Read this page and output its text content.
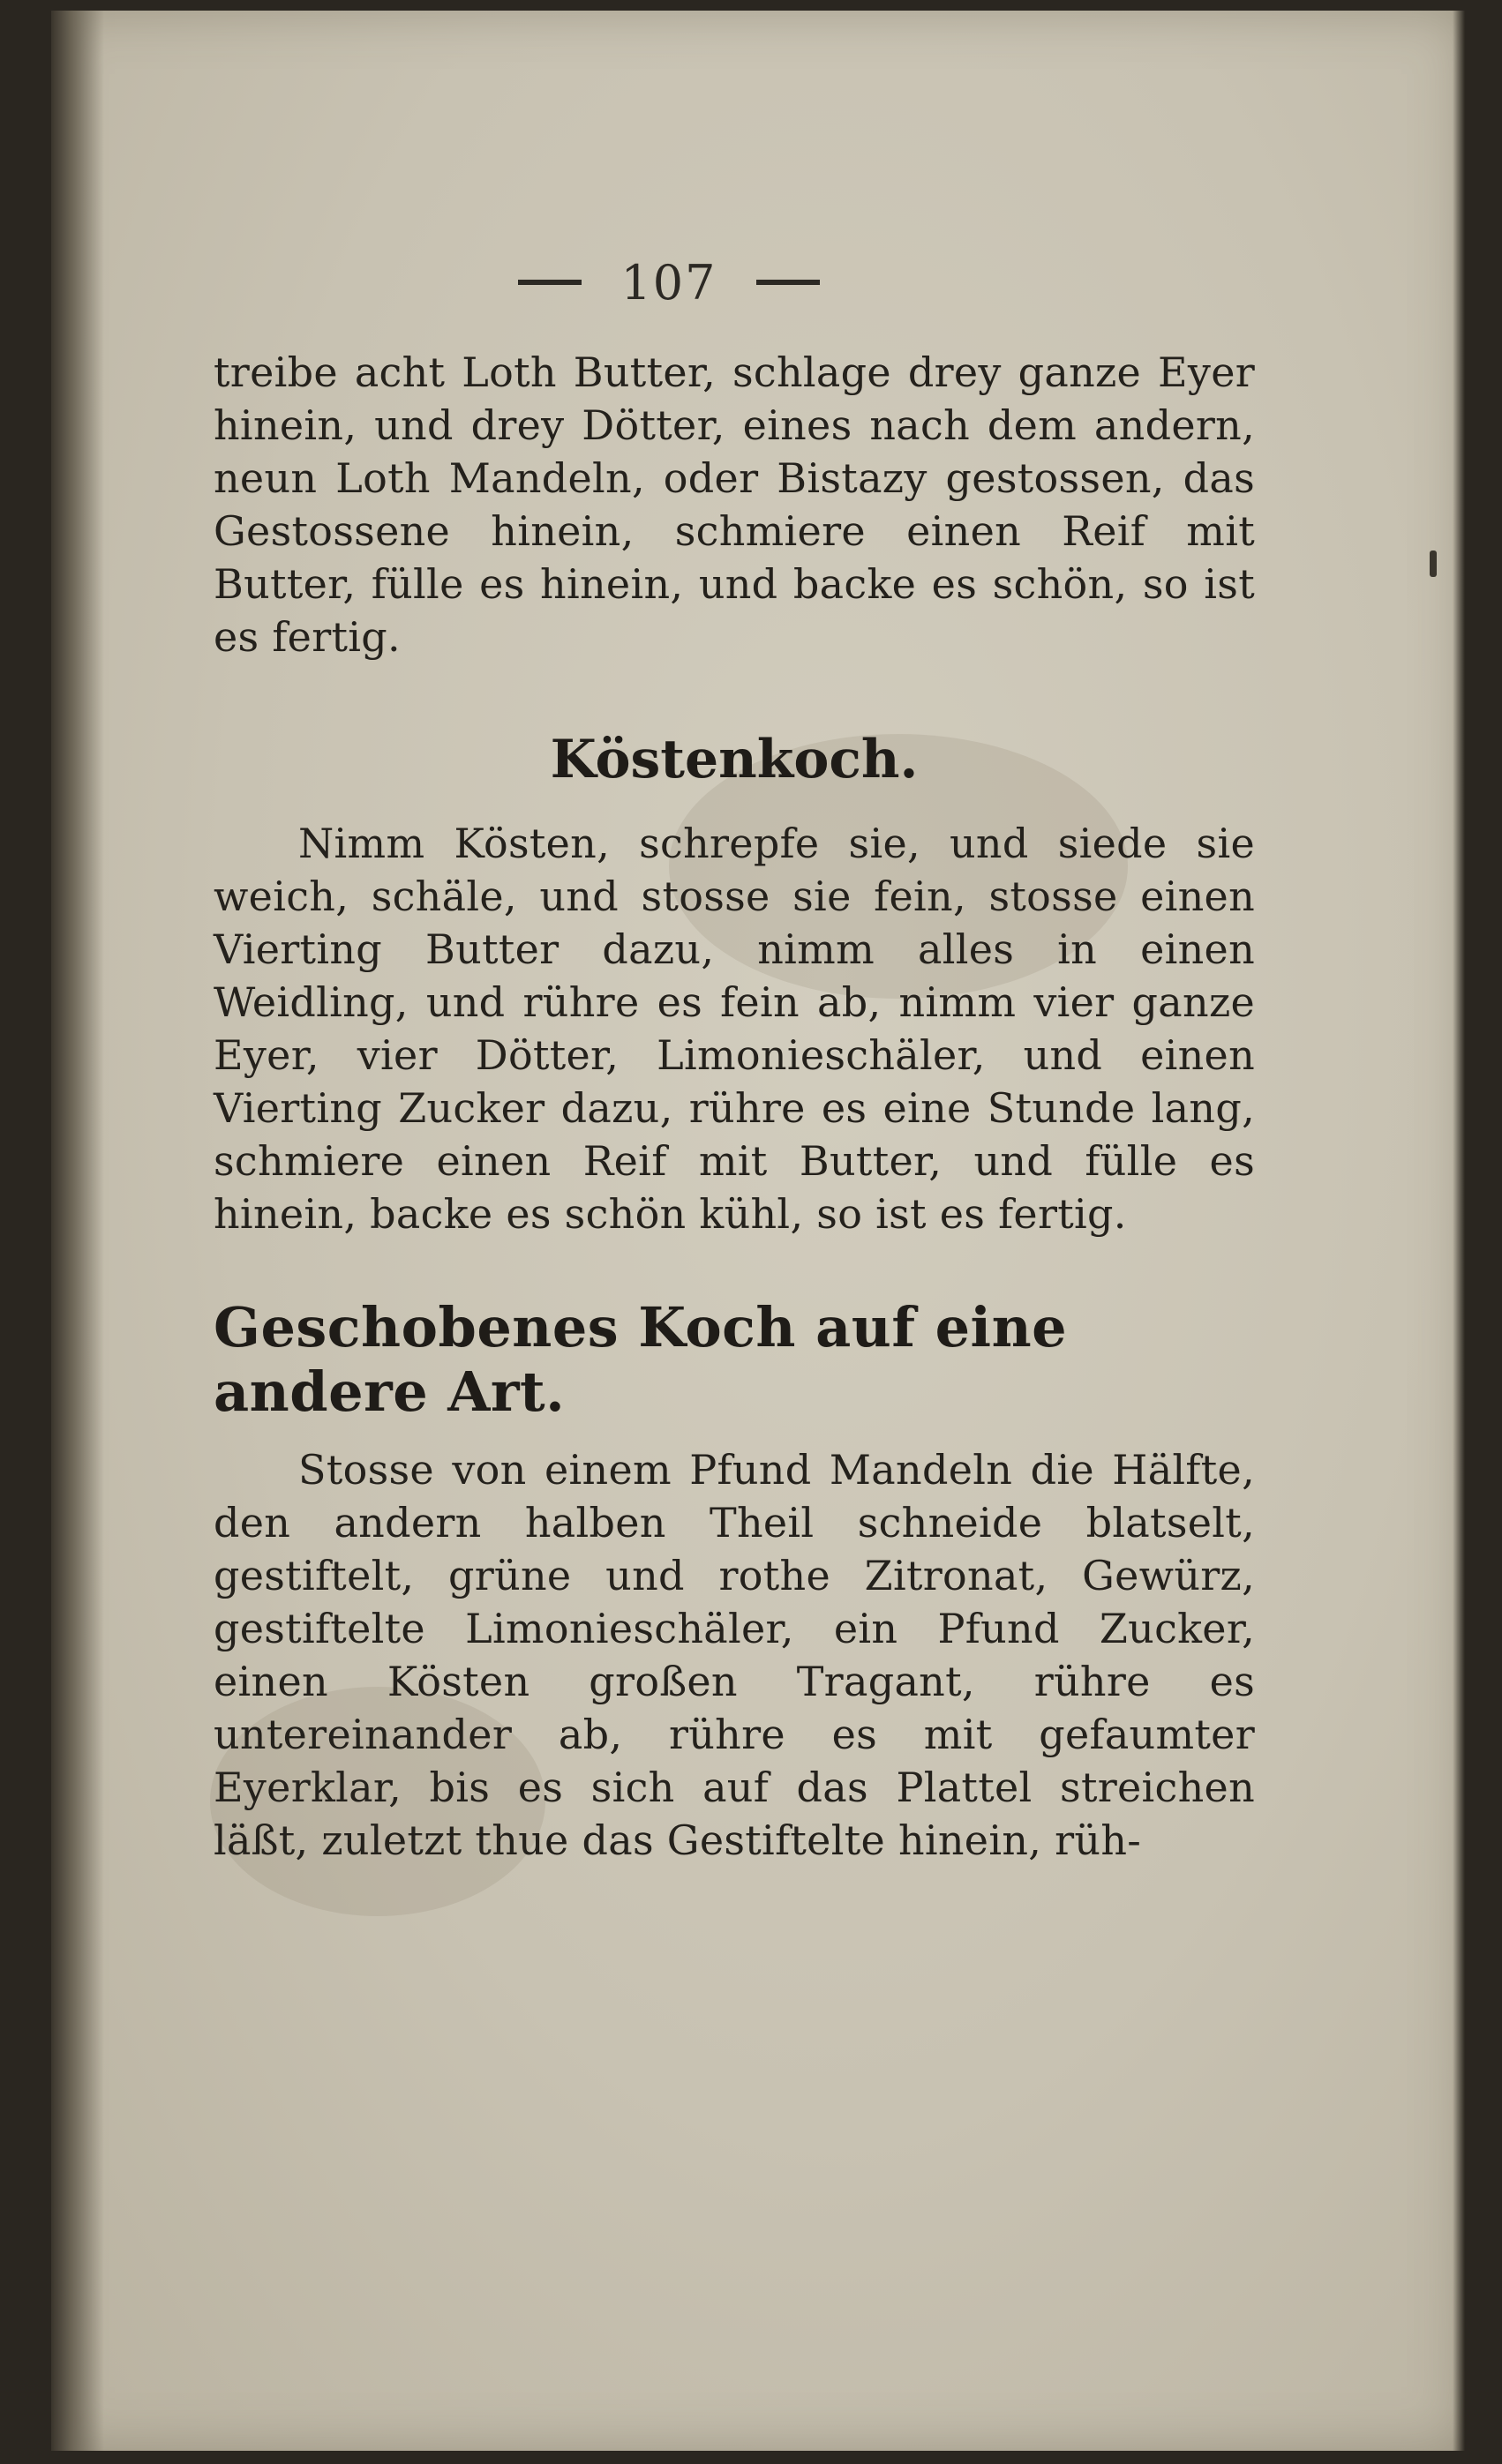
107

treibe acht Loth Butter, schlage drey ganze Eyer hinein, und drey Dötter, eines nach dem andern, neun Loth Mandeln, oder Bistazy gestossen, das Gestossene hinein, schmiere einen Reif mit Butter, fülle es hinein, und backe es schön, so ist es fertig.

Köstenkoch.

Nimm Kösten, schrepfe sie, und siede sie weich, schäle, und stosse sie fein, stosse einen Vierting Butter dazu, nimm alles in einen Weidling, und rühre es fein ab, nimm vier ganze Eyer, vier Dötter, Limonieschäler, und einen Vierting Zucker dazu, rühre es eine Stunde lang, schmiere einen Reif mit Butter, und fülle es hinein, backe es schön kühl, so ist es fertig.

Geschobenes Koch auf eine andere Art.

Stosse von einem Pfund Mandeln die Hälfte, den andern halben Theil schneide blatselt, gestiftelt, grüne und rothe Zitronat, Gewürz, gestiftelte Limonieschäler, ein Pfund Zucker, einen Kösten großen Tragant, rühre es untereinander ab, rühre es mit gefaumter Eyerklar, bis es sich auf das Plattel streichen läßt, zuletzt thue das Gestiftelte hinein, rüh-
